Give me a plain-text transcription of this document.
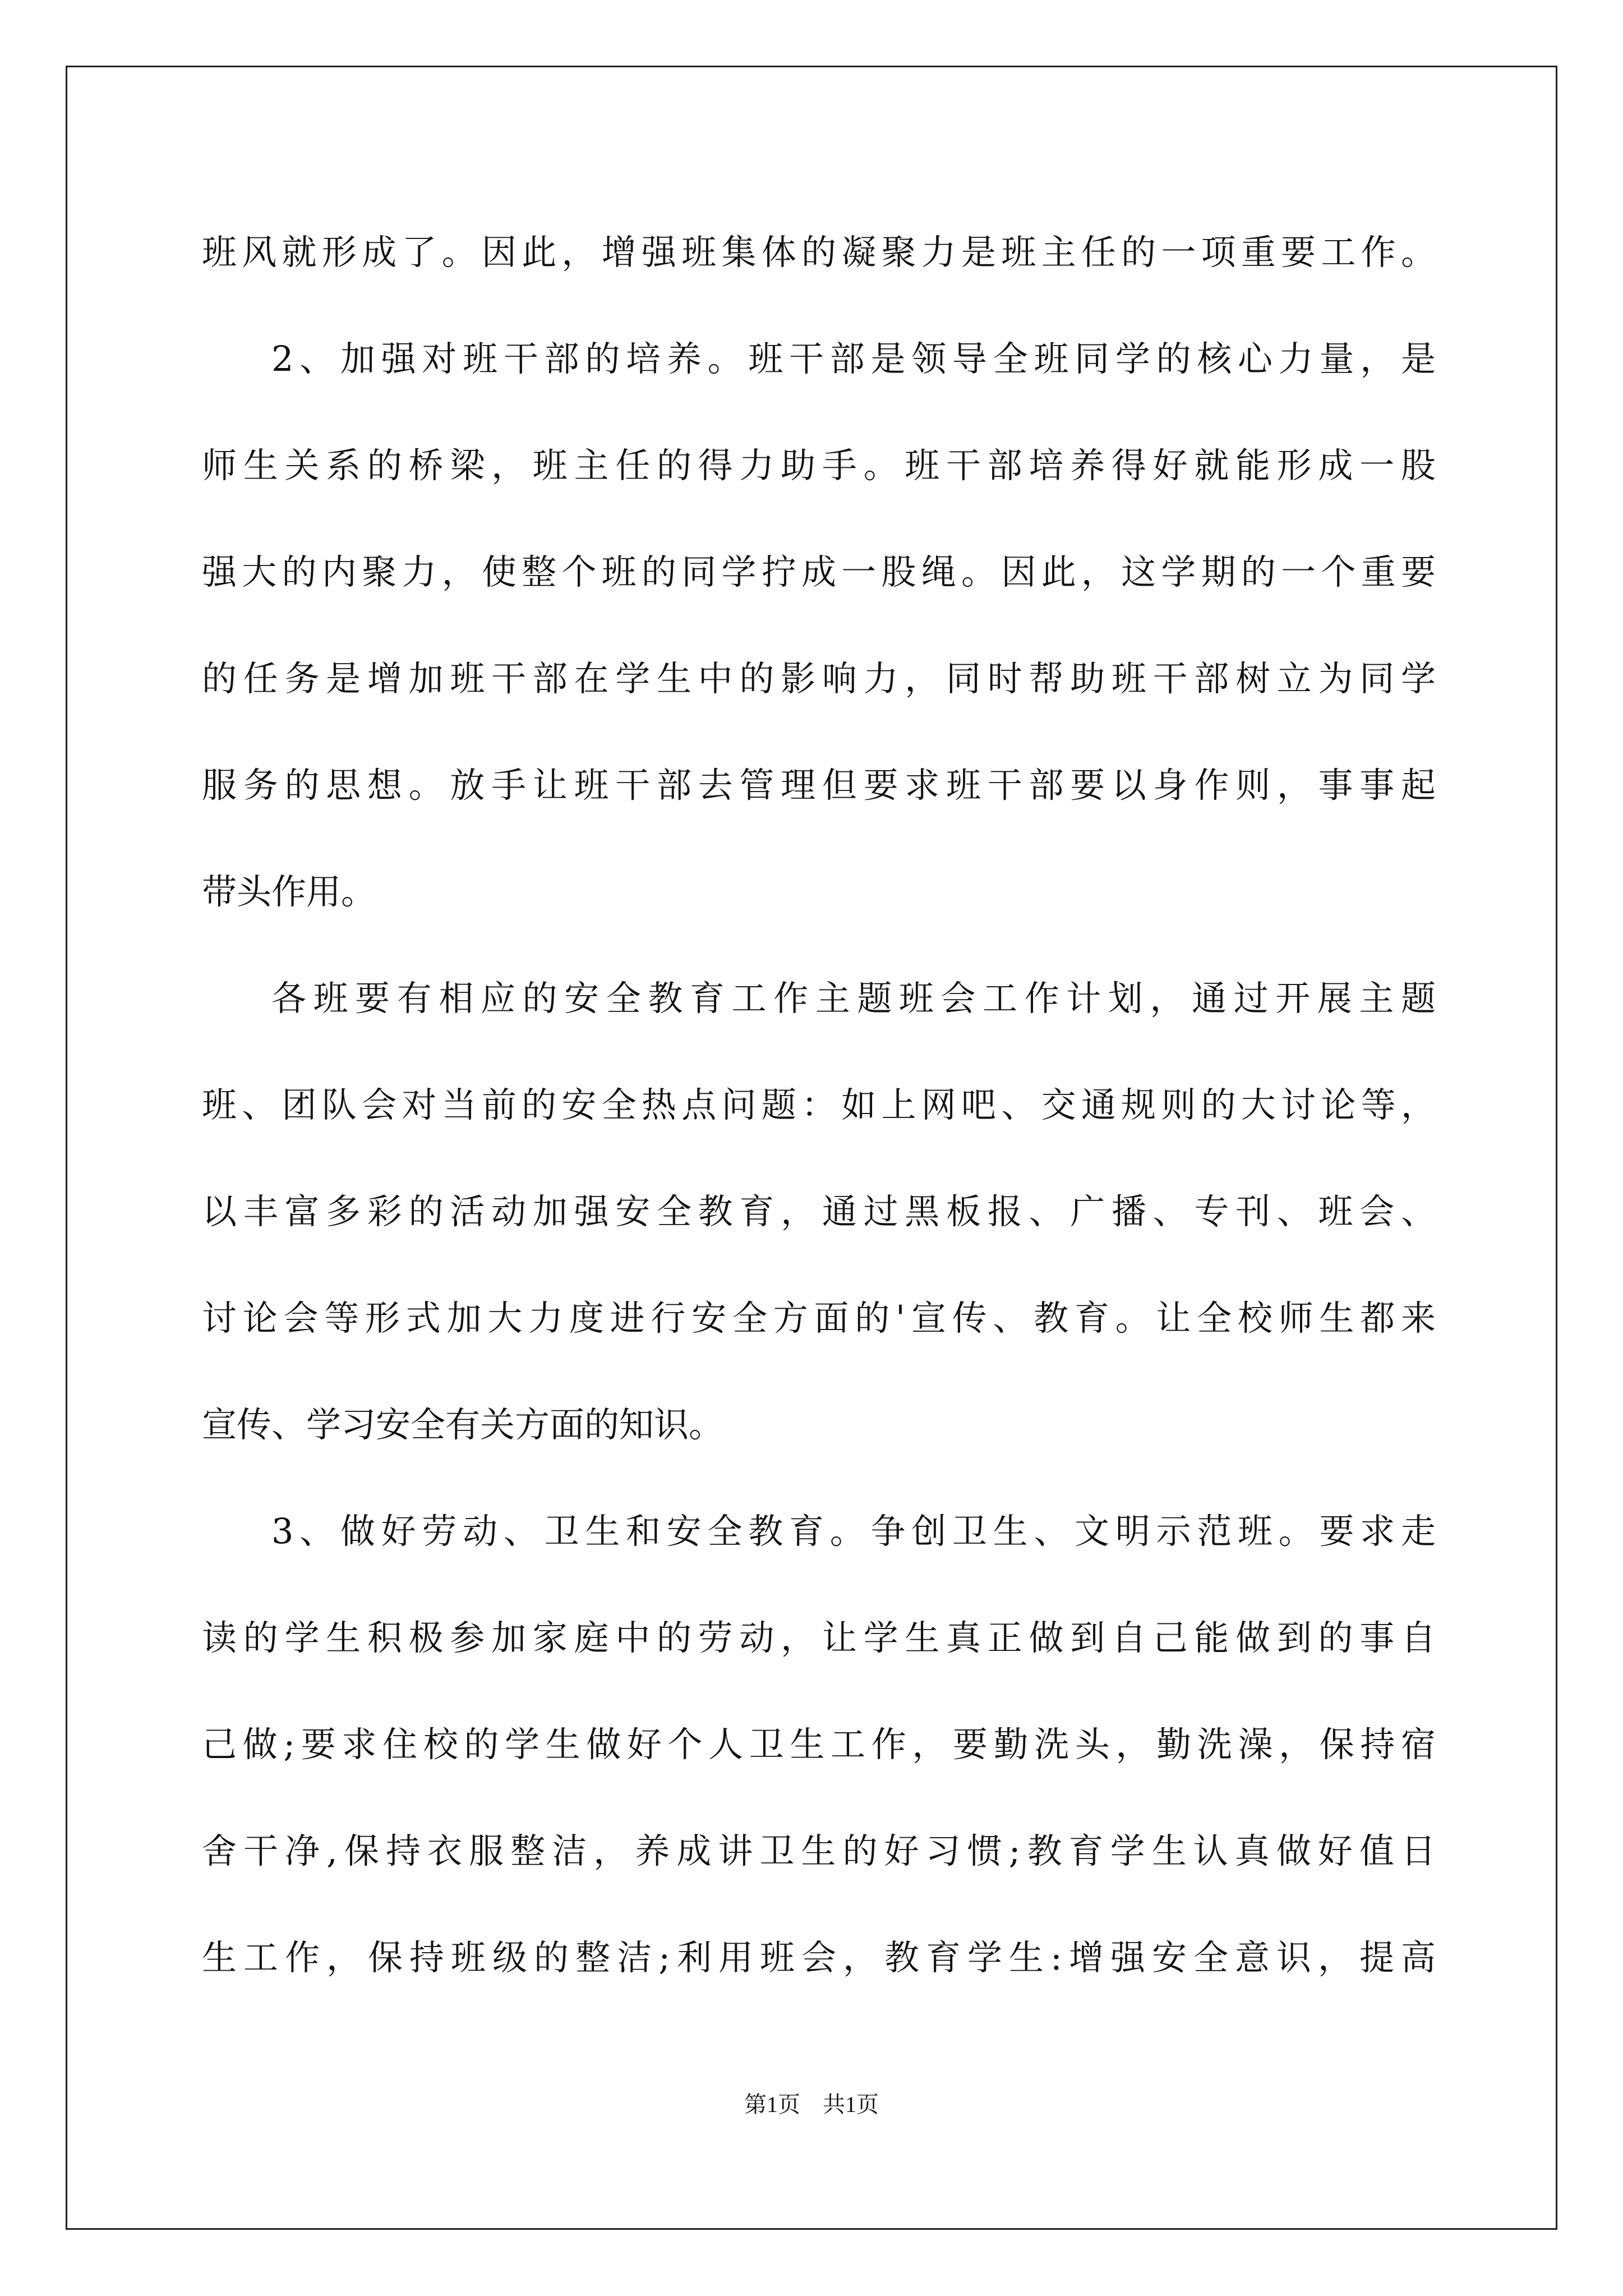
班风就形成了。因此，增强班集体的凝聚力是班主任的一项重要工作。
2、加强对班干部的培养。班干部是领导全班同学的核心力量，是
师生关系的桥梁，班主任的得力助手。班干部培养得好就能形成一股
强大的内聚力，使整个班的同学拧成一股绳。因此，这学期的一个重要
的任务是增加班干部在学生中的影响力，同时帮助班干部树立为同学
服务的思想。放手让班干部去管理但要求班干部要以身作则，事事起
带头作用。
各班要有相应的安全教育工作主题班会工作计划，通过开展主题
班、团队会对当前的安全热点问题：如上网吧、交通规则的大讨论等，
以丰富多彩的活动加强安全教育，通过黑板报、广播、专刊、班会、
讨论会等形式加大力度进行安全方面的'宣传、教育。让全校师生都来
宣传、学习安全有关方面的知识。
3、做好劳动、卫生和安全教育。争创卫生、文明示范班。要求走
读的学生积极参加家庭中的劳动，让学生真正做到自己能做到的事自
己做;要求住校的学生做好个人卫生工作，要勤洗头，勤洗澡，保持宿
舍干净,保持衣服整洁，养成讲卫生的好习惯;教育学生认真做好值日
生工作，保持班级的整洁;利用班会，教育学生:增强安全意识，提高
第1页　共1页
